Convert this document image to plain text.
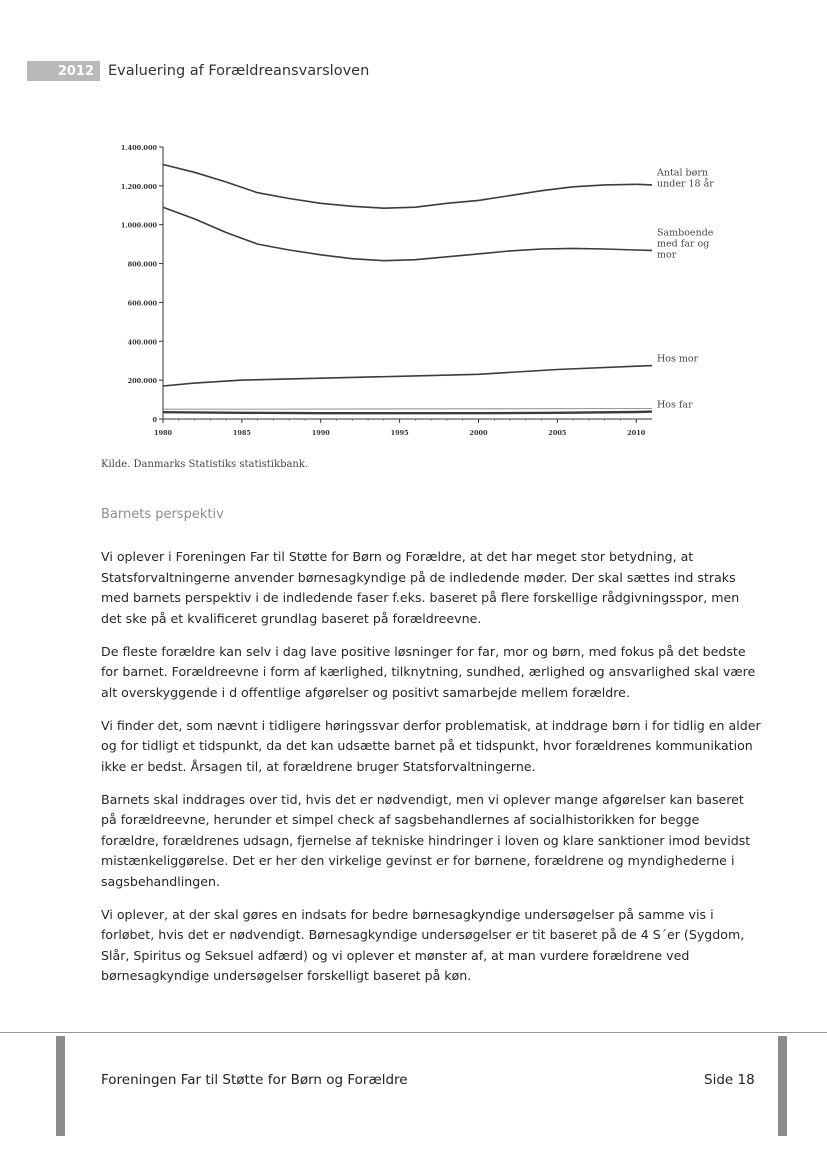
2012 Evaluering af Forældreansvarsloven
1.400.000
1.200.000
1.000.000
800.000
600.000
400.000
200.000
0
1980	1985	1990	1995	2000	2005	2010
Antal børn
under 18 år
Samboende
med far og
mor
Hos mor
Hos far
Kilde. Danmarks Statistiks statistikbank.
Barnets perspektiv

Vi oplever i Foreningen Far til Støtte for Børn og Forældre, at det har meget stor betydning, at Statsforvaltningerne anvender børnesagkyndige på de indledende møder. Der skal sættes ind straks med barnets perspektiv i de indledende faser f.eks. baseret på flere forskellige rådgivningsspor, men det ske på et kvalificeret grundlag baseret på forældreevne.

De fleste forældre kan selv i dag lave positive løsninger for far, mor og børn, med fokus på det bedste for barnet. Forældreevne i form af kærlighed, tilknytning, sundhed, ærlighed og ansvarlighed skal være alt overskyggende i d offentlige afgørelser og positivt samarbejde mellem forældre.

Vi finder det, som nævnt i tidligere høringssvar derfor problematisk, at inddrage børn i for tidlig en alder og for tidligt et tidspunkt, da det kan udsætte barnet på et tidspunkt, hvor forældrenes kommunikation ikke er bedst. Årsagen til, at forældrene bruger Statsforvaltningerne.

Barnets skal inddrages over tid, hvis det er nødvendigt, men vi oplever mange afgørelser kan baseret på forældreevne, herunder et simpel check af sagsbehandlernes af socialhistorikken for begge forældre, forældrenes udsagn, fjernelse af tekniske hindringer i loven og klare sanktioner imod bevidst mistænkeliggørelse. Det er her den virkelige gevinst er for børnene, forældrene og myndighederne i sagsbehandlingen.

Vi oplever, at der skal gøres en indsats for bedre børnesagkyndige undersøgelser på samme vis i forløbet, hvis det er nødvendigt. Børnesagkyndige undersøgelser er tit baseret på de 4 S´er (Sygdom, Slår, Spiritus og Seksuel adfærd) og vi oplever et mønster af, at man vurdere forældrene ved børnesagkyndige undersøgelser forskelligt baseret på køn.

Foreningen Far til Støtte for Børn og Forældre	Side 18
